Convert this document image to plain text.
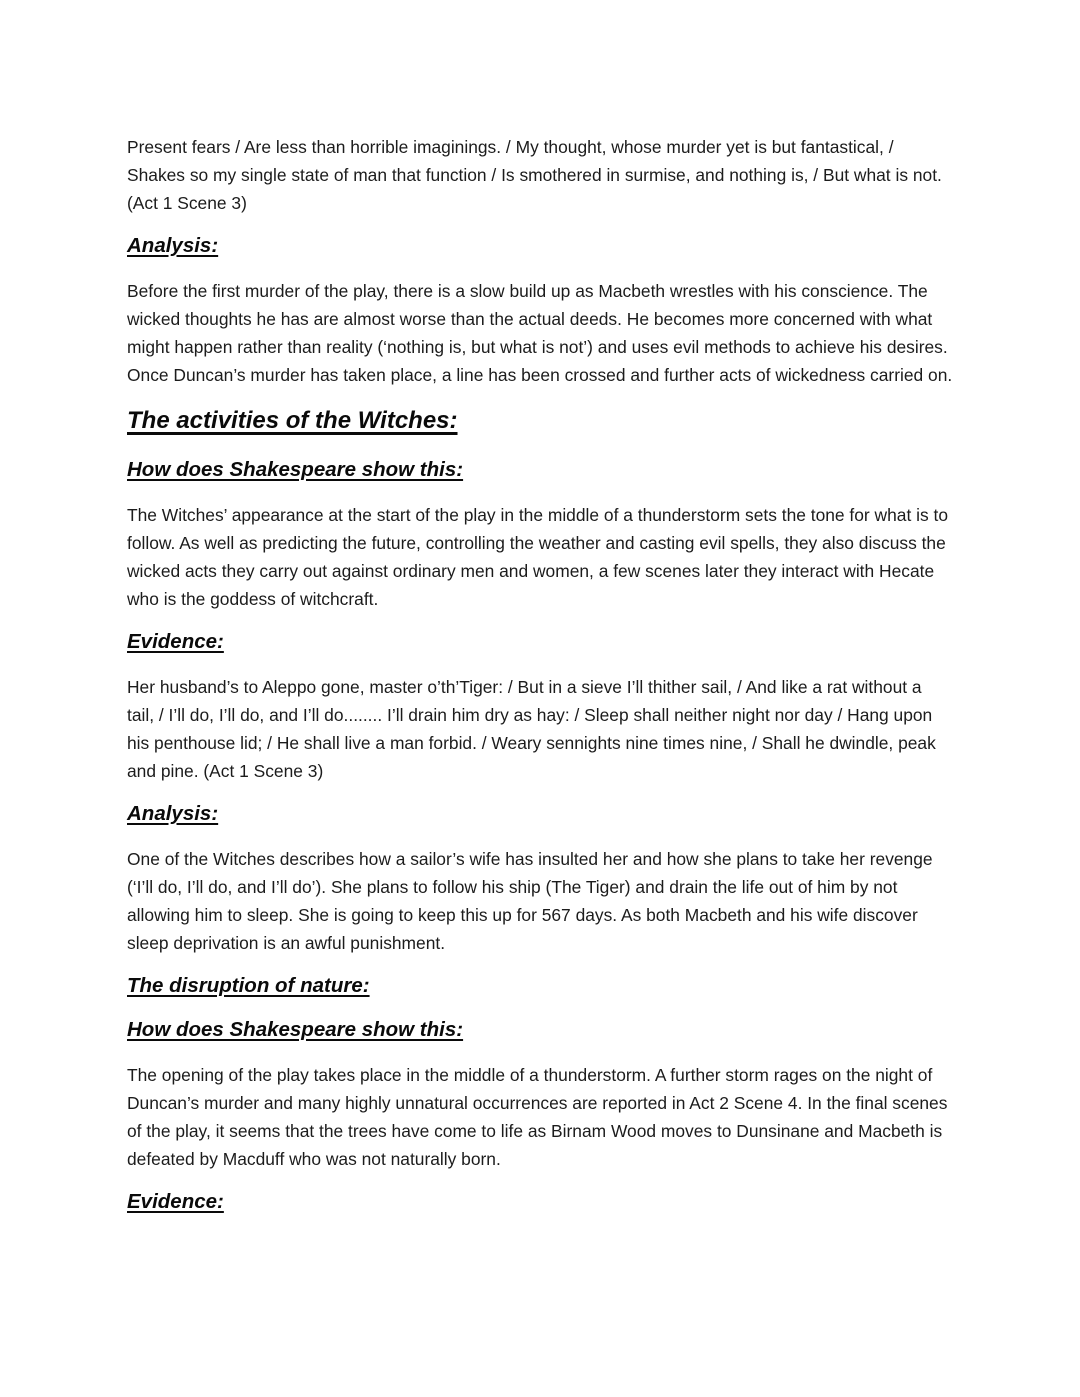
Present fears / Are less than horrible imaginings. / My thought, whose murder yet is but fantastical, / Shakes so my single state of man that function / Is smothered in surmise, and nothing is, / But what is not. (Act 1 Scene 3)

Analysis:

Before the first murder of the play, there is a slow build up as Macbeth wrestles with his conscience. The wicked thoughts he has are almost worse than the actual deeds. He becomes more concerned with what might happen rather than reality (‘nothing is, but what is not’) and uses evil methods to achieve his desires. Once Duncan’s murder has taken place, a line has been crossed and further acts of wickedness carried on.

The activities of the Witches:
How does Shakespeare show this:

The Witches’ appearance at the start of the play in the middle of a thunderstorm sets the tone for what is to follow. As well as predicting the future, controlling the weather and casting evil spells, they also discuss the wicked acts they carry out against ordinary men and women, a few scenes later they interact with Hecate who is the goddess of witchcraft.

Evidence:

Her husband’s to Aleppo gone, master o’th’Tiger: / But in a sieve I’ll thither sail, / And like a rat without a tail, / I’ll do, I’ll do, and I’ll do........ I’ll drain him dry as hay: / Sleep shall neither night nor day / Hang upon his penthouse lid; / He shall live a man forbid. / Weary sennights nine times nine, / Shall he dwindle, peak and pine. (Act 1 Scene 3)

Analysis:

One of the Witches describes how a sailor’s wife has insulted her and how she plans to take her revenge (‘I’ll do, I’ll do, and I’ll do’). She plans to follow his ship (The Tiger) and drain the life out of him by not allowing him to sleep. She is going to keep this up for 567 days. As both Macbeth and his wife discover sleep deprivation is an awful punishment.

The disruption of nature:
How does Shakespeare show this:

The opening of the play takes place in the middle of a thunderstorm. A further storm rages on the night of Duncan’s murder and many highly unnatural occurrences are reported in Act 2 Scene 4. In the final scenes of the play, it seems that the trees have come to life as Birnam Wood moves to Dunsinane and Macbeth is defeated by Macduff who was not naturally born.

Evidence:
